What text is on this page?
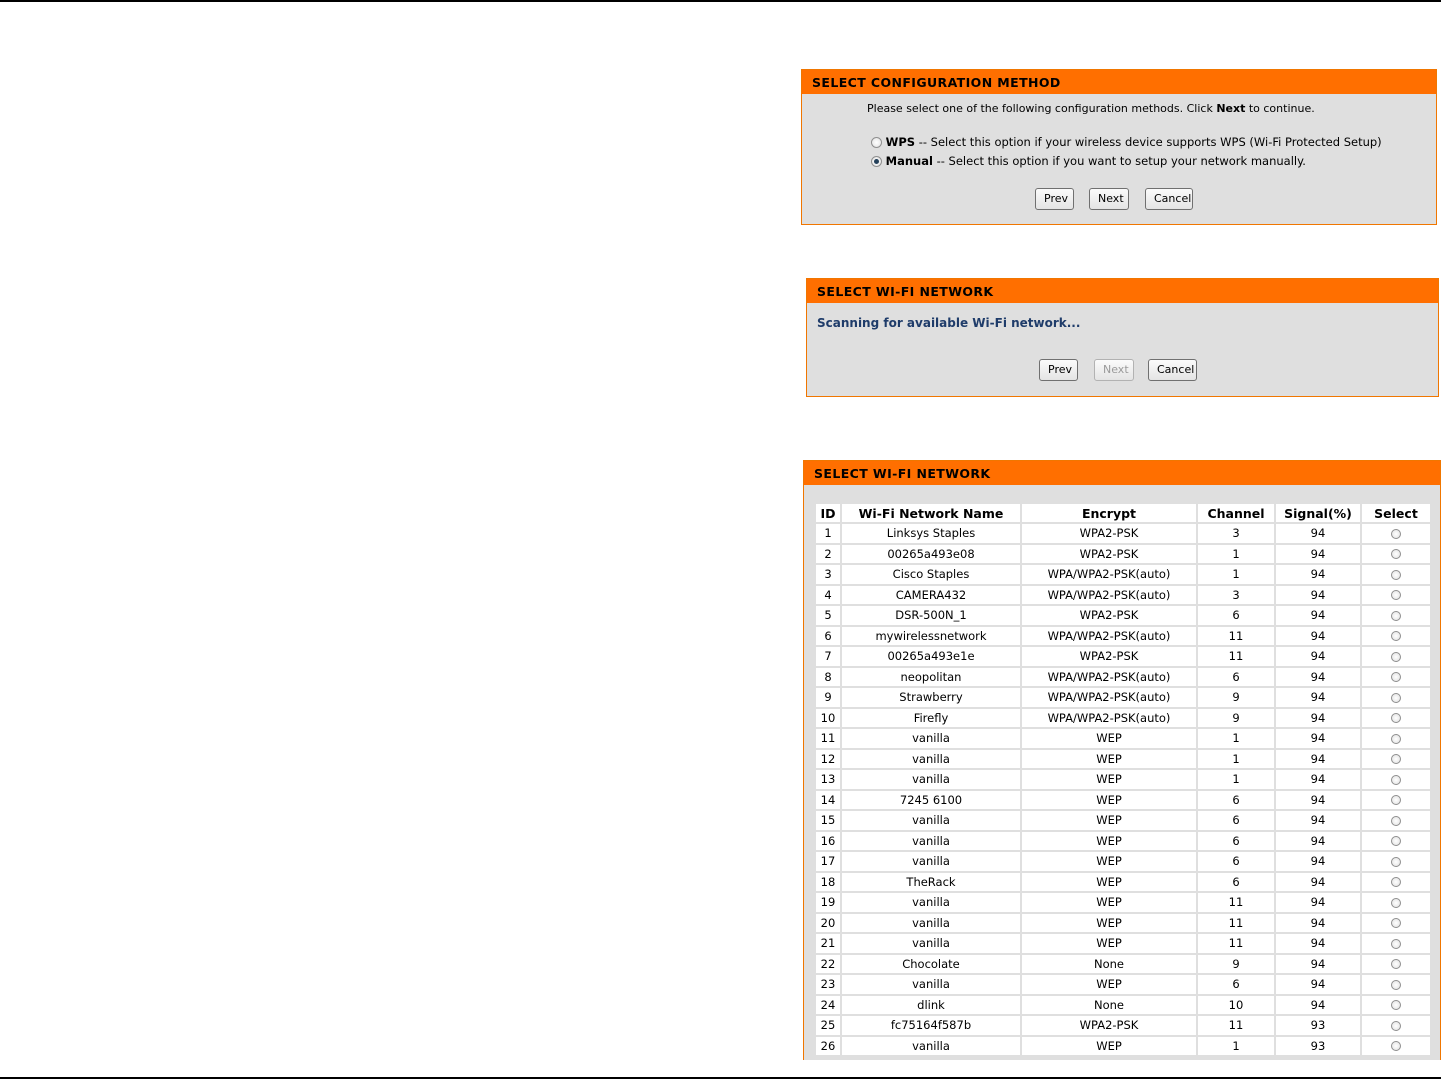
SELECT CONFIGURATION METHOD
Please select one of the following configuration methods. Click Next to continue.
WPS -- Select this option if your wireless device supports WPS (Wi-Fi Protected Setup)
Manual -- Select this option if you want to setup your network manually.
Prev	Next	Cancel
SELECT WI-FI NETWORK
Scanning for available Wi-Fi network...
Prev	Next	Cancel
SELECT WI-FI NETWORK
ID	Wi-Fi Network Name	Encrypt	Channel	Signal(%)	Select
1	Linksys Staples	WPA2-PSK	3	94	
2	00265a493e08	WPA2-PSK	1	94	
3	Cisco Staples	WPA/WPA2-PSK(auto)	1	94	
4	CAMERA432	WPA/WPA2-PSK(auto)	3	94	
5	DSR-500N_1	WPA2-PSK	6	94	
6	mywirelessnetwork	WPA/WPA2-PSK(auto)	11	94	
7	00265a493e1e	WPA2-PSK	11	94	
8	neopolitan	WPA/WPA2-PSK(auto)	6	94	
9	Strawberry	WPA/WPA2-PSK(auto)	9	94	
10	Firefly	WPA/WPA2-PSK(auto)	9	94	
11	vanilla	WEP	1	94	
12	vanilla	WEP	1	94	
13	vanilla	WEP	1	94	
14	7245 6100	WEP	6	94	
15	vanilla	WEP	6	94	
16	vanilla	WEP	6	94	
17	vanilla	WEP	6	94	
18	TheRack	WEP	6	94	
19	vanilla	WEP	11	94	
20	vanilla	WEP	11	94	
21	vanilla	WEP	11	94	
22	Chocolate	None	9	94	
23	vanilla	WEP	6	94	
24	dlink	None	10	94	
25	fc75164f587b	WPA2-PSK	11	93	
26	vanilla	WEP	1	93	
